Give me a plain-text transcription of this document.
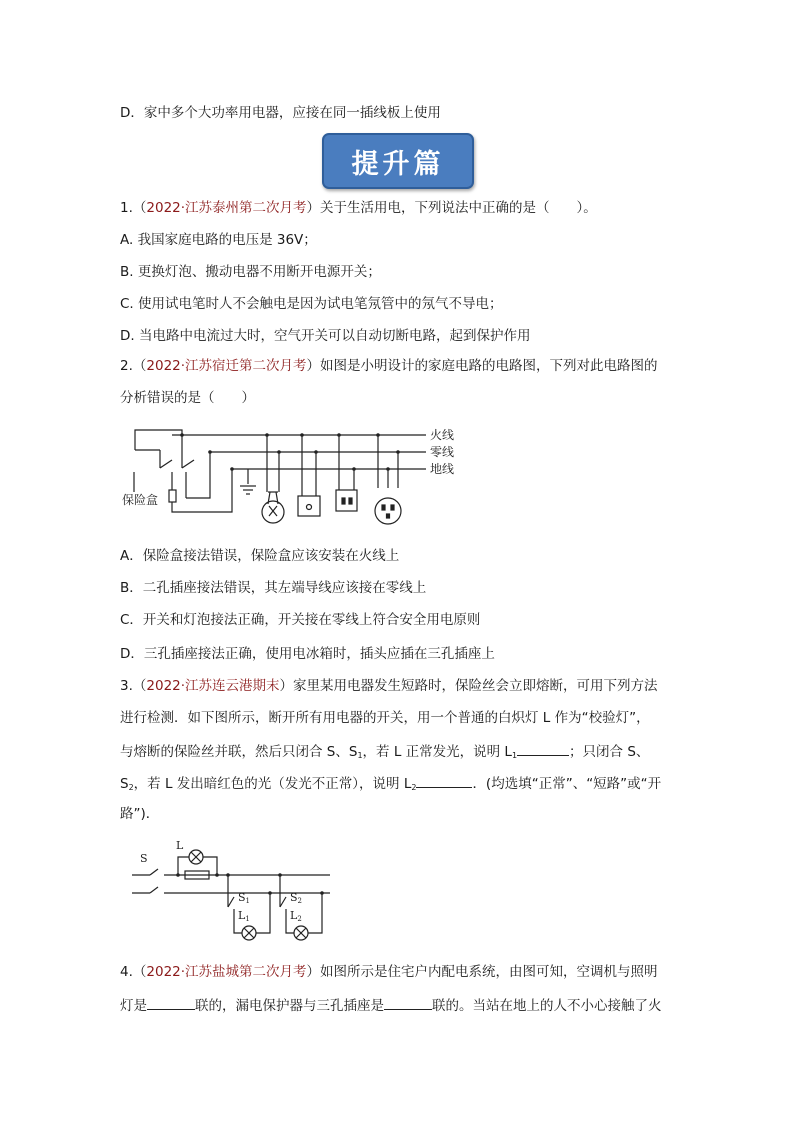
D．家中多个大功率用电器，应接在同一插线板上使用
提升篇
1.（2022·江苏泰州第二次月考）关于生活用电，下列说法中正确的是（　　）。
A. 我国家庭电路的电压是 36V；
B. 更换灯泡、搬动电器不用断开电源开关；
C. 使用试电笔时人不会触电是因为试电笔氖管中的氖气不导电；
D. 当电路中电流过大时，空气开关可以自动切断电路，起到保护作用
2.（2022·江苏宿迁第二次月考）如图是小明设计的家庭电路的电路图，下列对此电路图的
分析错误的是（　　）
火线
零线
地线
保险盒
A．保险盒接法错误，保险盒应该安装在火线上
B．二孔插座接法错误，其左端导线应该接在零线上
C．开关和灯泡接法正确，开关接在零线上符合安全用电原则
D．三孔插座接法正确，使用电冰箱时，插头应插在三孔插座上
3.（2022·江苏连云港期末）家里某用电器发生短路时，保险丝会立即熔断，可用下列方法
进行检测．如下图所示，断开所有用电器的开关，用一个普通的白炽灯 L 作为“校验灯”，
与熔断的保险丝并联，然后只闭合 S、$S_1$，若 L 正常发光，说明 $L_1$	；只闭合 S、
$S_2$，若 L 发出暗红色的光（发光不正常），说明 $L_2$	．(均选填“正常”、“短路”或“开
路”)．
S
L
S1
L1
S2
L2
4.（2022·江苏盐城第二次月考）如图所示是住宅户内配电系统，由图可知，空调机与照明
灯是	联的，漏电保护器与三孔插座是	联的。当站在地上的人不小心接触了火
